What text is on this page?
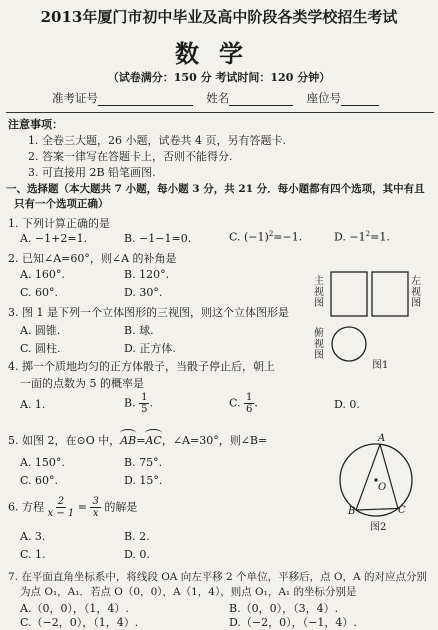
2013年厦门市初中毕业及高中阶段各类学校招生考试
数学
（试卷满分：150 分 考试时间：120 分钟）
准考证号	姓名	座位号
注意事项：
1. 全卷三大题，26 小题，试卷共 4 页，另有答题卡.
2. 答案一律写在答题卡上，否则不能得分.
3. 可直接用 2B 铅笔画图.
一、选择题（本大题共 7 小题，每小题 3 分，共 21 分．每小题都有四个选项，其中有且
只有一个选项正确）
1. 下列计算正确的是
A. −1+2=1.	B. −1−1=0.	C. $(-1)^2=-1$.	D. $-1^2=1$.
2. 已知∠A=60°，则∠A 的补角是
A. 160°.	B. 120°.
C. 60°.	D. 30°.
3. 图 1 是下列一个立体图形的三视图，则这个立体图形是
A. 圆锥.	B. 球.
C. 圆柱.	D. 正方体.
4. 掷一个质地均匀的正方体骰子，当骰子停止后，朝上
一面的点数为 5 的概率是
A. 1.	B. $\frac{1}{5}$ .	C. $\frac{1}{6}$ .	D. 0.
5. 如图 2，在⊙O 中，
AB=
AC，∠A=30°，则∠B=
A. 150°.	B. 75°.
C. 60°.	D. 15°.
6. 方程 $\frac{2}{x - 1} = \frac{3}{x}$ 的解是
A. 3.	B. 2.
C. 1.	D. 0.
7. 在平面直角坐标系中，将线段 OA 向左平移 2 个单位，平移后，点 O，A 的对应点分别
为点 O₁，A₁．若点 O（0，0），A（1，4），则点 O₁，A₁ 的坐标分别是
A.（0，0），（1，4）.	B.（0，0），（3，4）.
C.（−2，0），（1，4）.	D.（−2，0），（−1，4）.
主视图
左视图
俯视图
图1
A
O
B	C
图2
